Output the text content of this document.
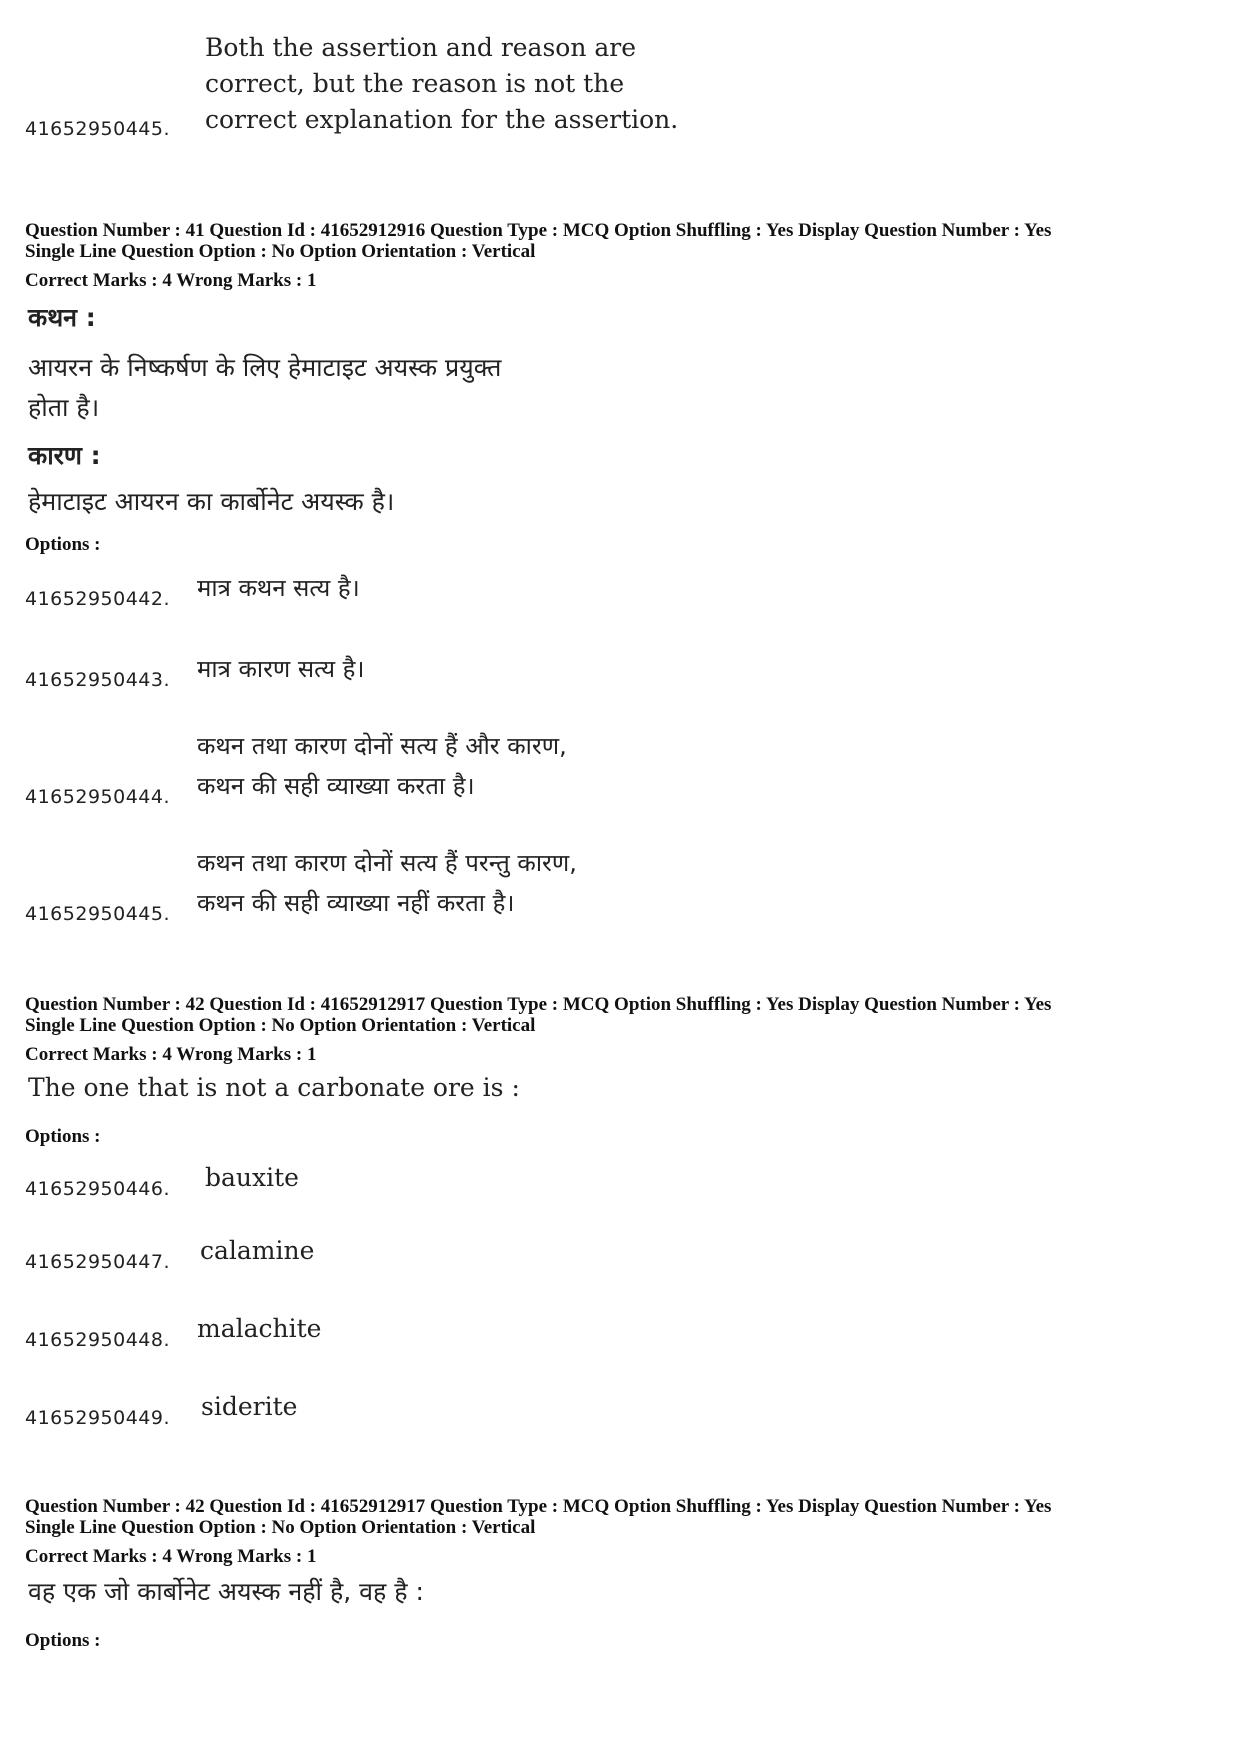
41652950445.
Both the assertion and reason are
correct, but the reason is not the
correct explanation for the assertion.
Question Number : 41 Question Id : 41652912916 Question Type : MCQ Option Shuffling : Yes Display Question Number : Yes
Single Line Question Option : No Option Orientation : Vertical
Correct Marks : 4 Wrong Marks : 1
कथन :
आयरन के निष्कर्षण के लिए हेमाटाइट अयस्क प्रयुक्त
होता है।
कारण :
हेमाटाइट आयरन का कार्बोनेट अयस्क है।
Options :
41652950442. मात्र कथन सत्य है।
41652950443. मात्र कारण सत्य है।
41652950444.
कथन तथा कारण दोनों सत्य हैं और कारण,
कथन की सही व्याख्या करता है।
41652950445.
कथन तथा कारण दोनों सत्य हैं परन्तु कारण,
कथन की सही व्याख्या नहीं करता है।
Question Number : 42 Question Id : 41652912917 Question Type : MCQ Option Shuffling : Yes Display Question Number : Yes
Single Line Question Option : No Option Orientation : Vertical
Correct Marks : 4 Wrong Marks : 1
The one that is not a carbonate ore is :
Options :
41652950446. bauxite
41652950447. calamine
41652950448. malachite
41652950449. siderite
Question Number : 42 Question Id : 41652912917 Question Type : MCQ Option Shuffling : Yes Display Question Number : Yes
Single Line Question Option : No Option Orientation : Vertical
Correct Marks : 4 Wrong Marks : 1
वह एक जो कार्बोनेट अयस्क नहीं है, वह है :
Options :
